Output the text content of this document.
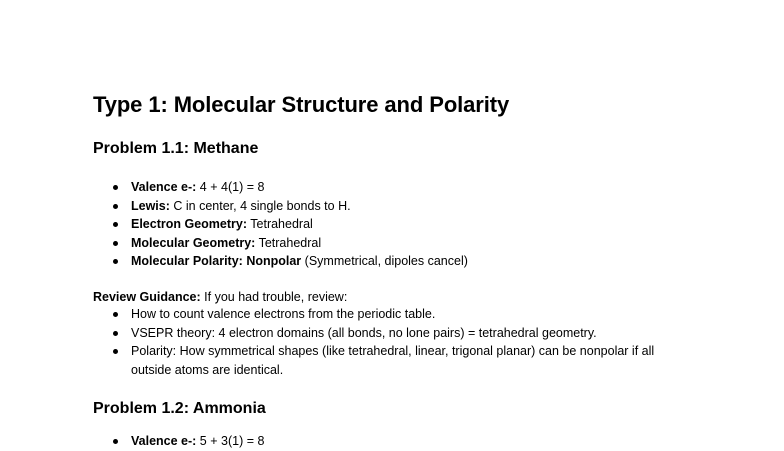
Type 1: Molecular Structure and Polarity
Problem 1.1: Methane
Valence e-: 4 + 4(1) = 8
Lewis: C in center, 4 single bonds to H.
Electron Geometry: Tetrahedral
Molecular Geometry: Tetrahedral
Molecular Polarity: Nonpolar (Symmetrical, dipoles cancel)
Review Guidance: If you had trouble, review:
How to count valence electrons from the periodic table.
VSEPR theory: 4 electron domains (all bonds, no lone pairs) = tetrahedral geometry.
Polarity: How symmetrical shapes (like tetrahedral, linear, trigonal planar) can be nonpolar if all outside atoms are identical.
Problem 1.2: Ammonia
Valence e-: 5 + 3(1) = 8
